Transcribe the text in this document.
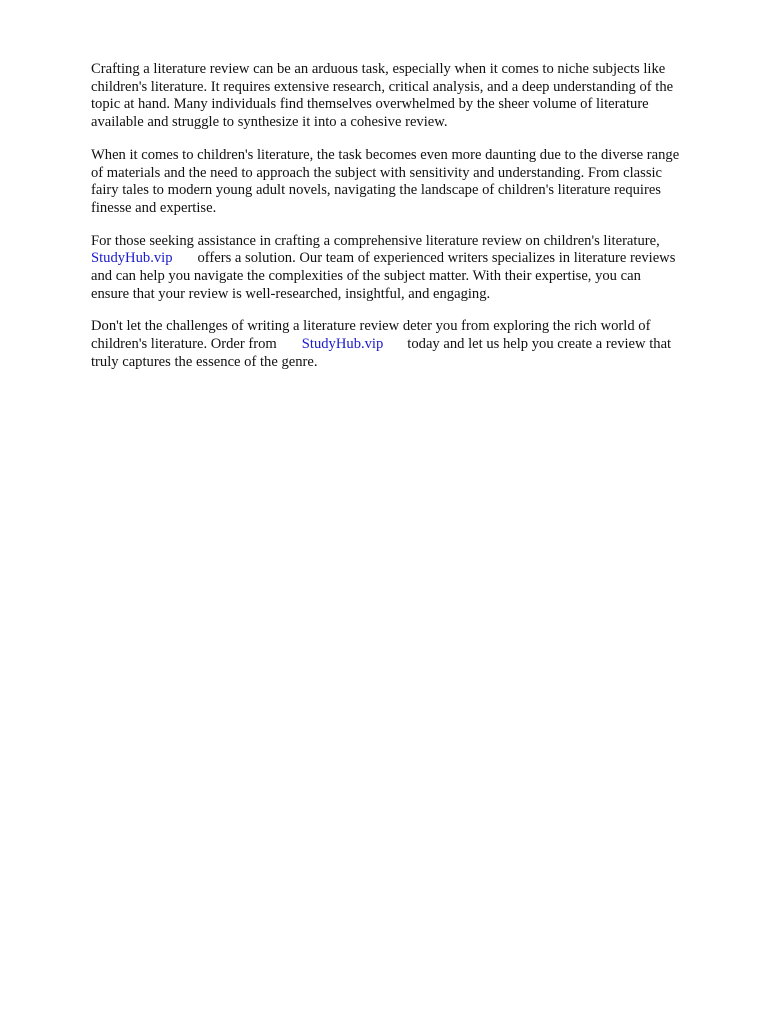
Crafting a literature review can be an arduous task, especially when it comes to niche subjects like
children's literature. It requires extensive research, critical analysis, and a deep understanding of the
topic at hand. Many individuals find themselves overwhelmed by the sheer volume of literature
available and struggle to synthesize it into a cohesive review.

When it comes to children's literature, the task becomes even more daunting due to the diverse range
of materials and the need to approach the subject with sensitivity and understanding. From classic
fairy tales to modern young adult novels, navigating the landscape of children's literature requires
finesse and expertise.

For those seeking assistance in crafting a comprehensive literature review on children's literature,
StudyHub.vip offers a solution. Our team of experienced writers specializes in literature reviews
and can help you navigate the complexities of the subject matter. With their expertise, you can
ensure that your review is well-researched, insightful, and engaging.

Don't let the challenges of writing a literature review deter you from exploring the rich world of
children's literature. Order from StudyHub.vip today and let us help you create a review that
truly captures the essence of the genre.
